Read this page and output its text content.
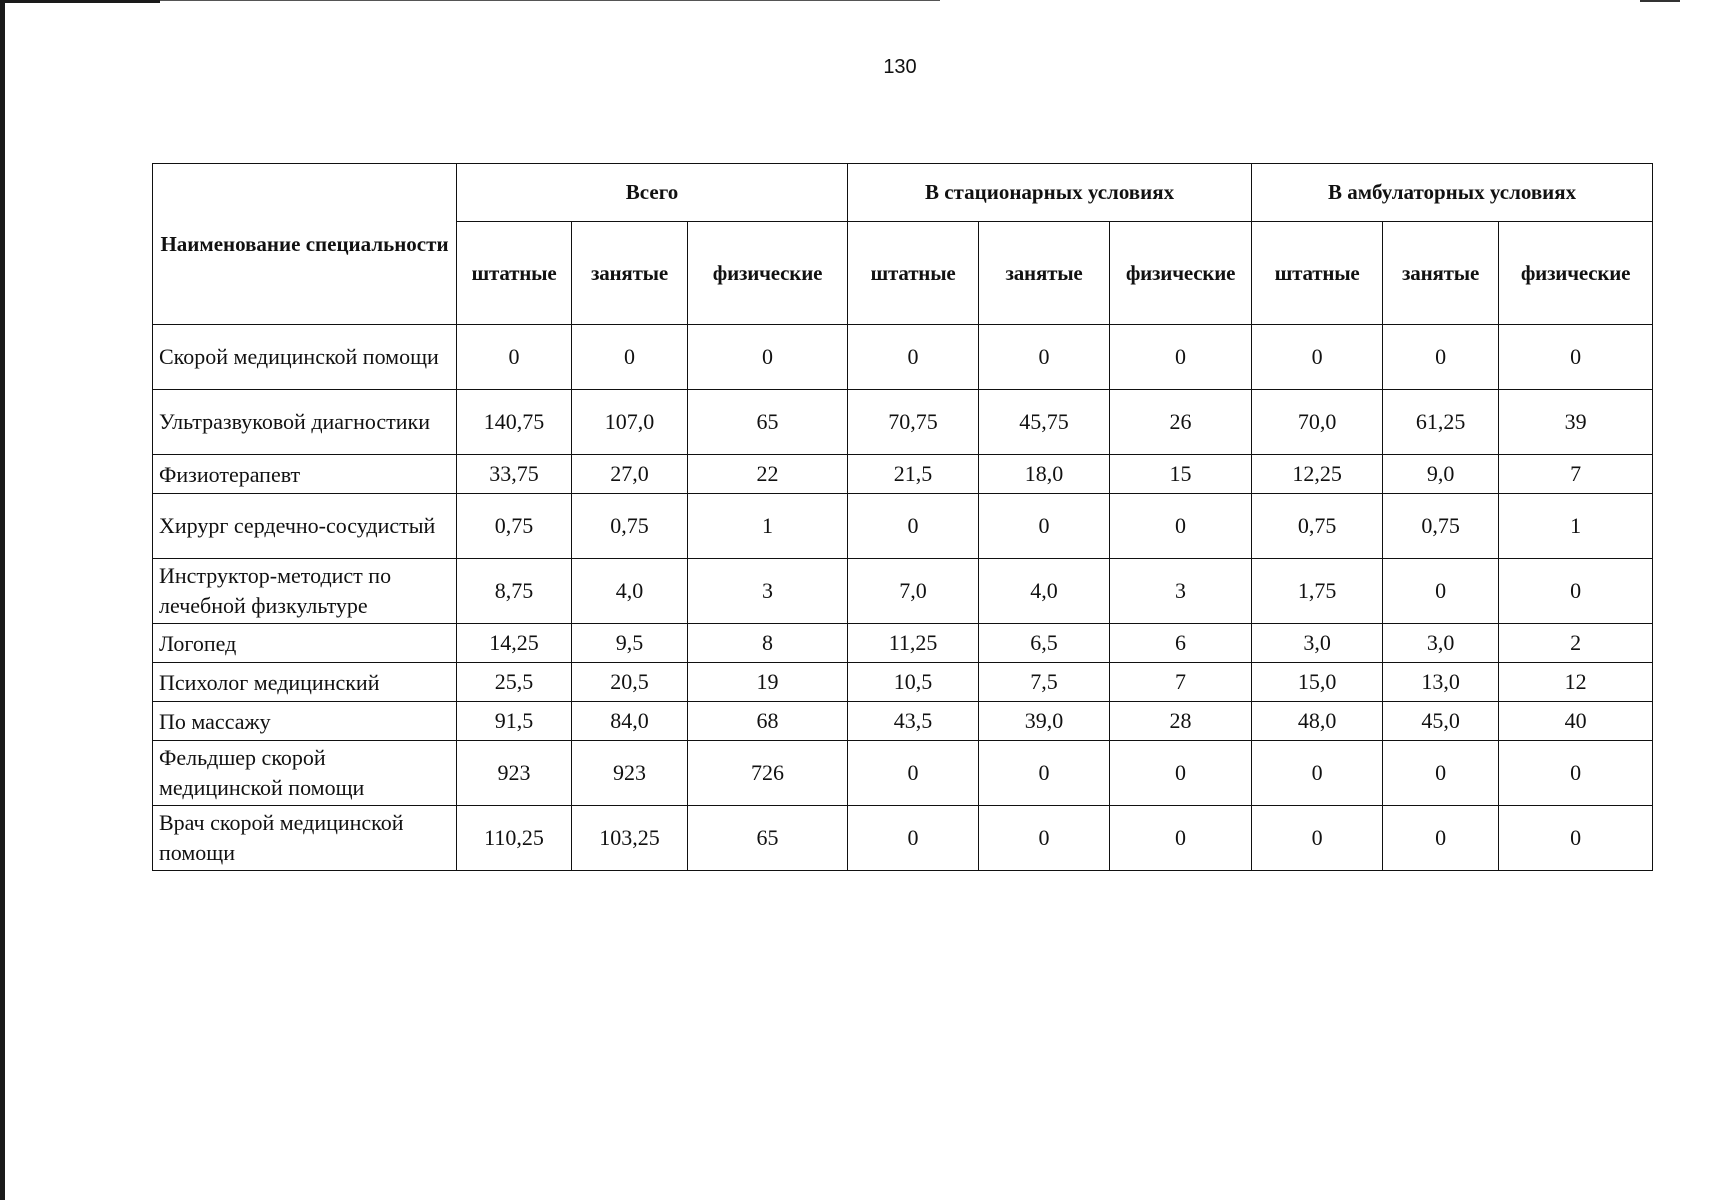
130
Наименование специальности	Всего			В стационарных условиях			В амбулаторных условиях		
	штатные	занятые	физические	штатные	занятые	физические	штатные	занятые	физические
Скорой медицинской помощи	0	0	0	0	0	0	0	0	0
Ультразвуковой диагностики	140,75	107,0	65	70,75	45,75	26	70,0	61,25	39
Физиотерапевт	33,75	27,0	22	21,5	18,0	15	12,25	9,0	7
Хирург сердечно-сосудистый	0,75	0,75	1	0	0	0	0,75	0,75	1
Инструктор-методист по лечебной физкультуре	8,75	4,0	3	7,0	4,0	3	1,75	0	0
Логопед	14,25	9,5	8	11,25	6,5	6	3,0	3,0	2
Психолог медицинский	25,5	20,5	19	10,5	7,5	7	15,0	13,0	12
По массажу	91,5	84,0	68	43,5	39,0	28	48,0	45,0	40
Фельдшер скорой медицинской помощи	923	923	726	0	0	0	0	0	0
Врач скорой медицинской помощи	110,25	103,25	65	0	0	0	0	0	0
